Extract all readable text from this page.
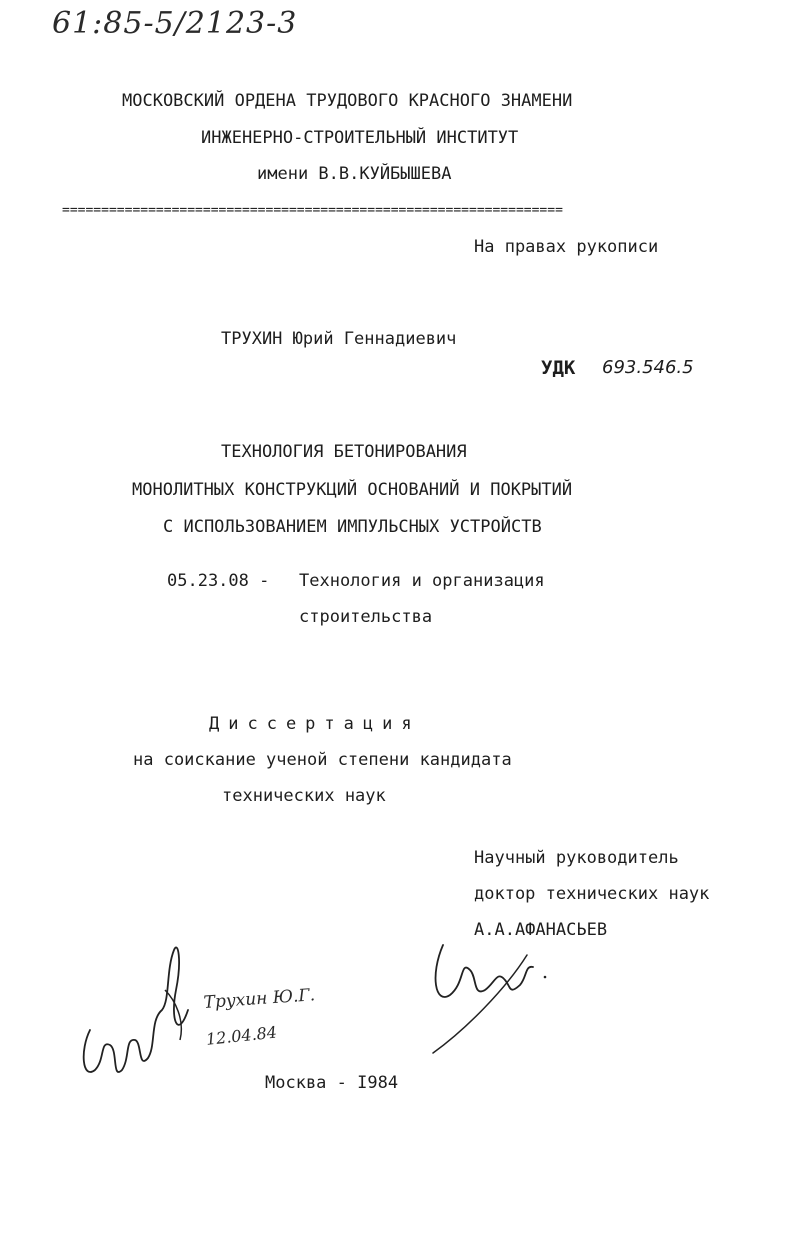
61:85-5/2123-3
МОСКОВСКИЙ ОРДЕНА ТРУДОВОГО КРАСНОГО ЗНАМЕНИ
ИНЖЕНЕРНО-СТРОИТЕЛЬНЫЙ ИНСТИТУТ
имени В.В.КУЙБЫШЕВА
================================================================
На правах рукописи
ТРУХИН Юрий Геннадиевич
УДК 693.546.5
ТЕХНОЛОГИЯ БЕТОНИРОВАНИЯ
МОНОЛИТНЫХ КОНСТРУКЦИЙ ОСНОВАНИЙ И ПОКРЫТИЙ
С ИСПОЛЬЗОВАНИЕМ ИМПУЛЬСНЫХ УСТРОЙСТВ
05.23.08 - Технология и организация
строительства
Диссертация
на соискание ученой степени кандидата
технических наук
Научный руководитель
доктор технических наук
А.А.АФАНАСЬЕВ
Трухин Ю.Г.
12.04.84
Москва - I984
